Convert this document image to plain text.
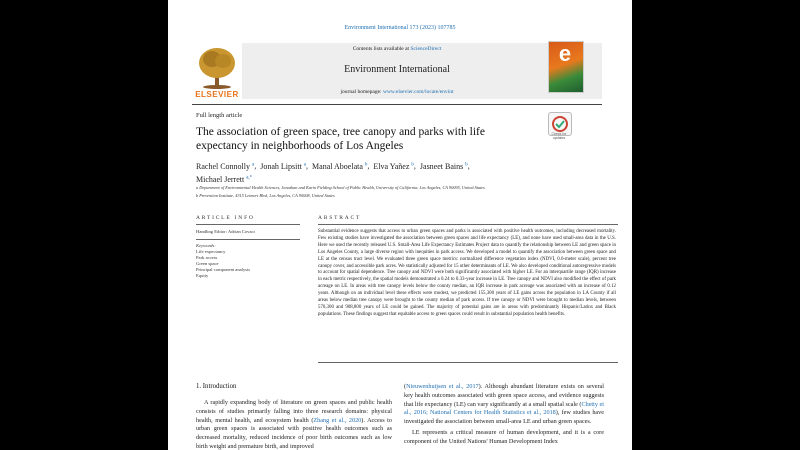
Environment International 173 (2023) 107785
Contents lists available at ScienceDirect
Environment International
journal homepage: www.elsevier.com/locate/envint
ELSEVIER
e
Full length article
The association of green space, tree canopy and parks with life expectancy in neighborhoods of Los Angeles
Check for updates
Rachel Connolly $^a$,  Jonah Lipsitt $^a$,  Manal Aboelata $^b$,  Elva Yañez $^b$,  Jasneet Bains $^b$,
Michael Jerrett $^{a,*}$
a Department of Environmental Health Sciences, Jonathan and Karin Fielding School of Public Health, University of California, Los Angeles, CA 90095, United States
b Prevention Institute, 4315 Leimert Blvd, Los Angeles, CA 90008, United States
ARTICLE INFO
Handling Editor: Adrian Covaci
Keywords:
Life expectancy
Park access
Green space
Principal component analysis
Equity
ABSTRACT
Substantial evidence suggests that access to urban green spaces and parks is associated with positive health outcomes, including decreased mortality. Few existing studies have investigated the association between green spaces and life expectancy (LE), and none have used small-area data in the U.S. Here we used the recently released U.S. Small-Area Life Expectancy Estimates Project data to quantify the relationship between LE and green space in Los Angeles County, a large diverse region with inequities in park access. We developed a model to quantify the association between green space and LE at the census tract level. We evaluated three green space metrics: normalized difference vegetation index (NDVI, 0.6-meter scale), percent tree canopy cover, and accessible park acres. We statistically adjusted for 15 other determinants of LE. We also developed conditional autoregressive models to account for spatial dependence. Tree canopy and NDVI were both significantly associated with higher LE. For an interquartile range (IQR) increase in each metric respectively, the spatial models demonstrated a 0.24 to 0.33-year increase in LE. Tree canopy and NDVI also modified the effect of park acreage on LE. In areas with tree canopy levels below the county median, an IQR increase in park acreage was associated with an increase of 0.12 years. Although on an individual level these effects were modest, we predicted 155,300 years of LE gains across the population in LA County if all areas below median tree canopy were brought to the county median of park access. If tree canopy or NDVI were brought to median levels, between 570,300 and 908,800 years of LE could be gained. The majority of potential gains are in areas with predominantly Hispanic/Latinx and Black populations. These findings suggest that equitable access to green spaces could result in substantial population health benefits.
1. Introduction
A rapidly expanding body of literature on green spaces and public health consists of studies primarily falling into three research domains: physical health, mental health, and ecosystem health (Zhang et al., 2020). Access to urban green spaces is associated with positive health outcomes such as decreased mortality, reduced incidence of poor birth outcomes such as low birth weight and premature birth, and improved
(Nieuwenhuijsen et al., 2017). Although abundant literature exists on several key health outcomes associated with green space access, and evidence suggests that life expectancy (LE) can vary significantly at a small spatial scale (Chetty et al., 2016; National Centers for Health Statistics et al., 2018), few studies have investigated the association between small-area LE and urban green spaces.
LE represents a critical measure of human development, and it is a core component of the United Nations' Human Development Index
